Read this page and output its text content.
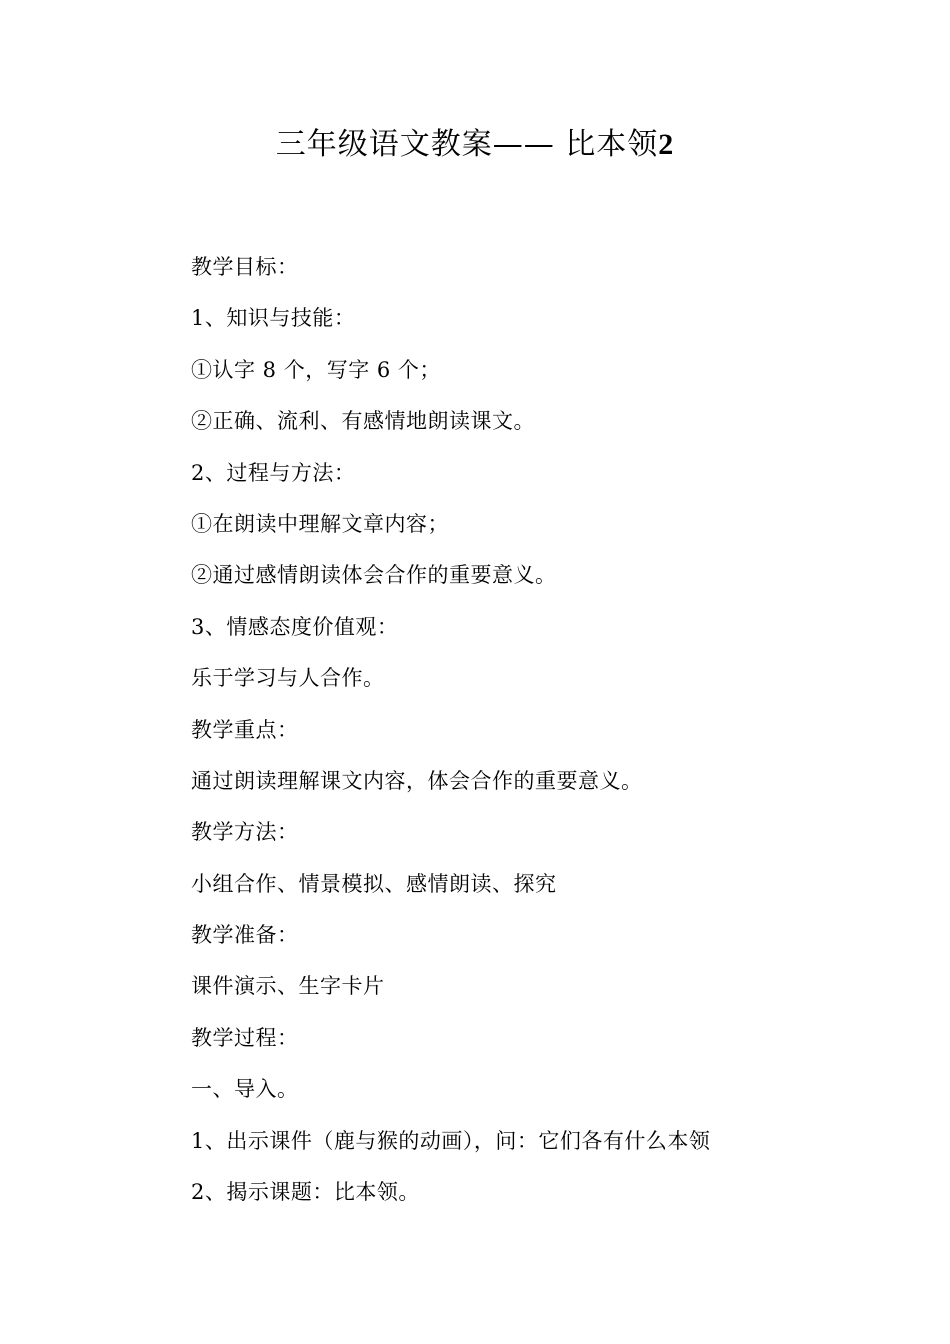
三年级语文教案—— 比本领2
教学目标：
1、知识与技能：
①认字 8 个，写字 6 个；
②正确、流利、有感情地朗读课文。
2、过程与方法：
①在朗读中理解文章内容；
②通过感情朗读体会合作的重要意义。
3、情感态度价值观：
乐于学习与人合作。
教学重点：
通过朗读理解课文内容，体会合作的重要意义。
教学方法：
小组合作、情景模拟、感情朗读、探究
教学准备：
课件演示、生字卡片
教学过程：
一、导入。
1、出示课件（鹿与猴的动画），问：它们各有什么本领
2、揭示课题：比本领。
